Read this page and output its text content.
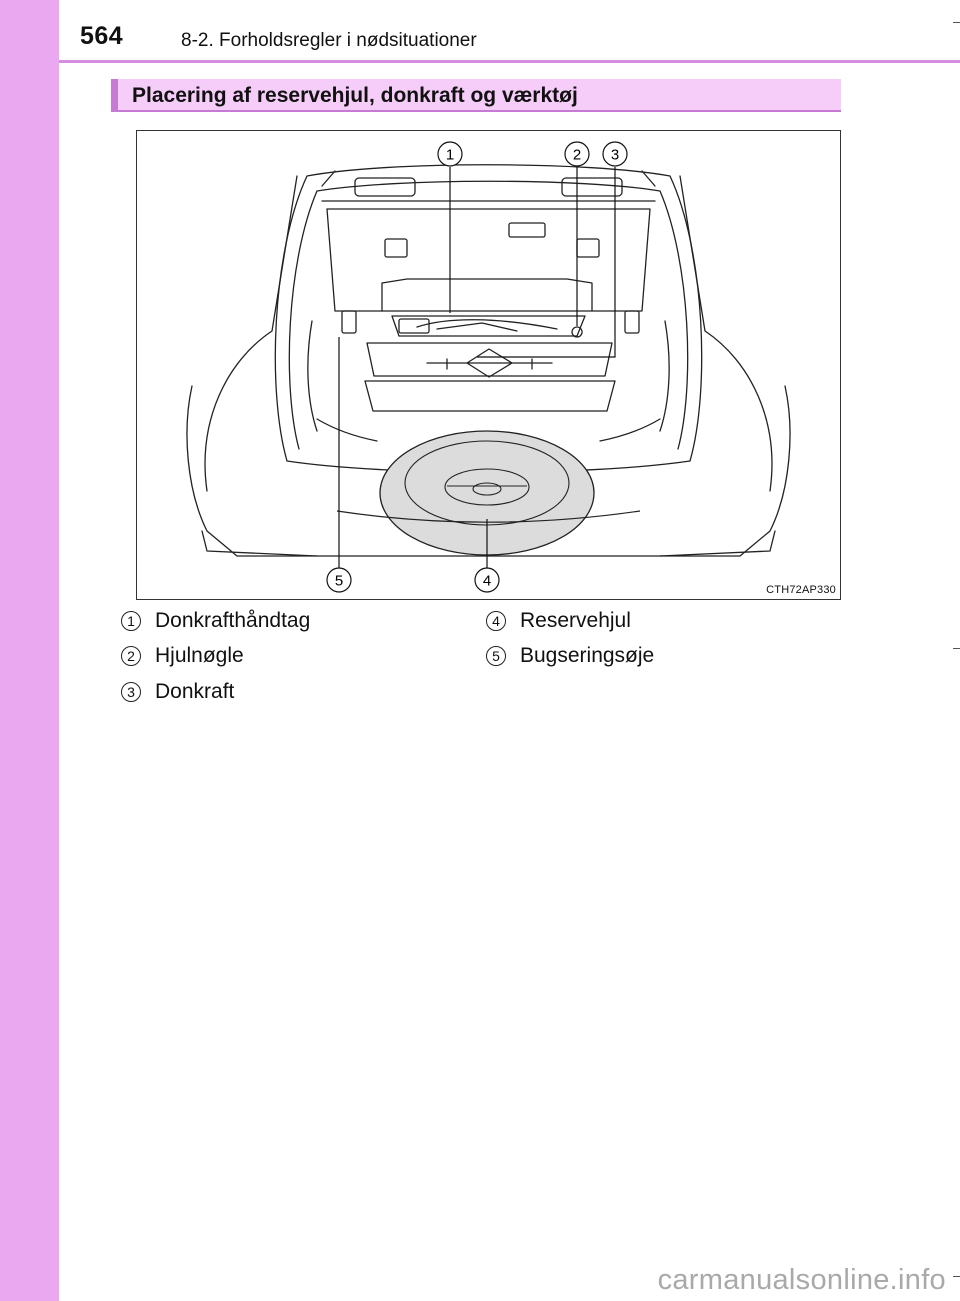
564	8-2. Forholdsregler i nødsituationer
Placering af reservehjul, donkraft og værktøj
1	2 3
4
5
CTH72AP330
1 Donkrafthåndtag
2 Hjulnøgle
3 Donkraft
4 Reservehjul
5 Bugseringsøje
carmanualsonline.info
